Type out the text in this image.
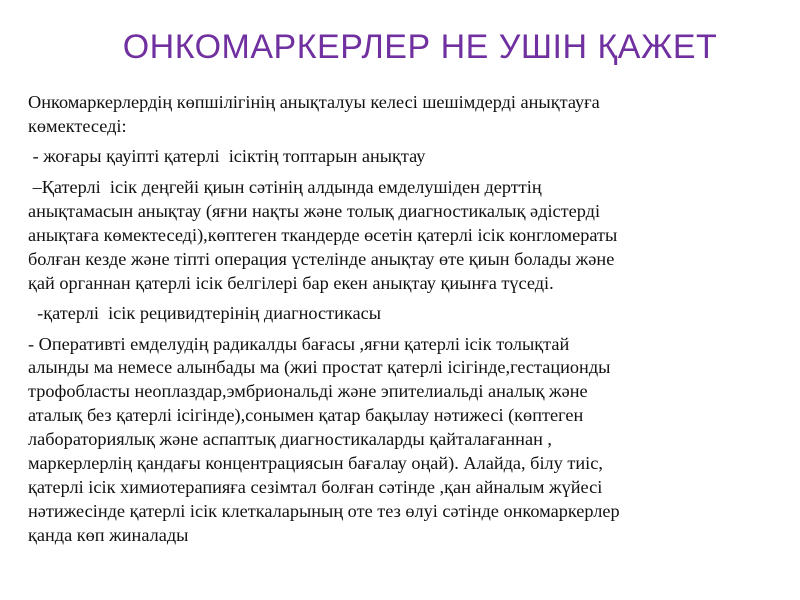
ОНКОМАРКЕРЛЕР НЕ УШІН ҚАЖЕТ
Онкомаркерлердің көпшілігінің анықталуы келесі шешімдерді анықтауға
көмектеседі:
- жоғары қауіпті қатерлі  ісіктің топтарын анықтау
–Қатерлі  ісік деңгейі қиын сәтінің алдында емделушіден дерттің
анықтамасын анықтау (яғни нақты және толық диагностикалық әдістерді
анықтаға көмектеседі),көптеген ткандерде өсетін қатерлі ісік конгломераты
болған кезде және тіпті операция үстелінде анықтау өте қиын болады және
қай органнан қатерлі ісік белгілері бар екен анықтау қиынға түседі.
-қатерлі  ісік рецивидтерінің диагностикасы
- Оперативті емделудің радикалды бағасы ,яғни қатерлі ісік толықтай
алынды ма немесе алынбады ма (жиі простат қатерлі ісігінде,гестационды
трофобласты неоплаздар,эмбриональді және эпителиальді аналық және
аталық без қатерлі ісігінде),сонымен қатар бақылау нәтижесі (көптеген
лабораториялық және аспаптық диагностикаларды қайталағаннан ,
маркерлерлің қандағы концентрациясын бағалау оңай). Алайда, білу тиіс,
қатерлі ісік химиотерапияға сезімтал болған сәтінде ,қан айналым жүйесі
нәтижесінде қатерлі ісік клеткаларының оте тез өлуі сәтінде онкомаркерлер
қанда көп жиналады
